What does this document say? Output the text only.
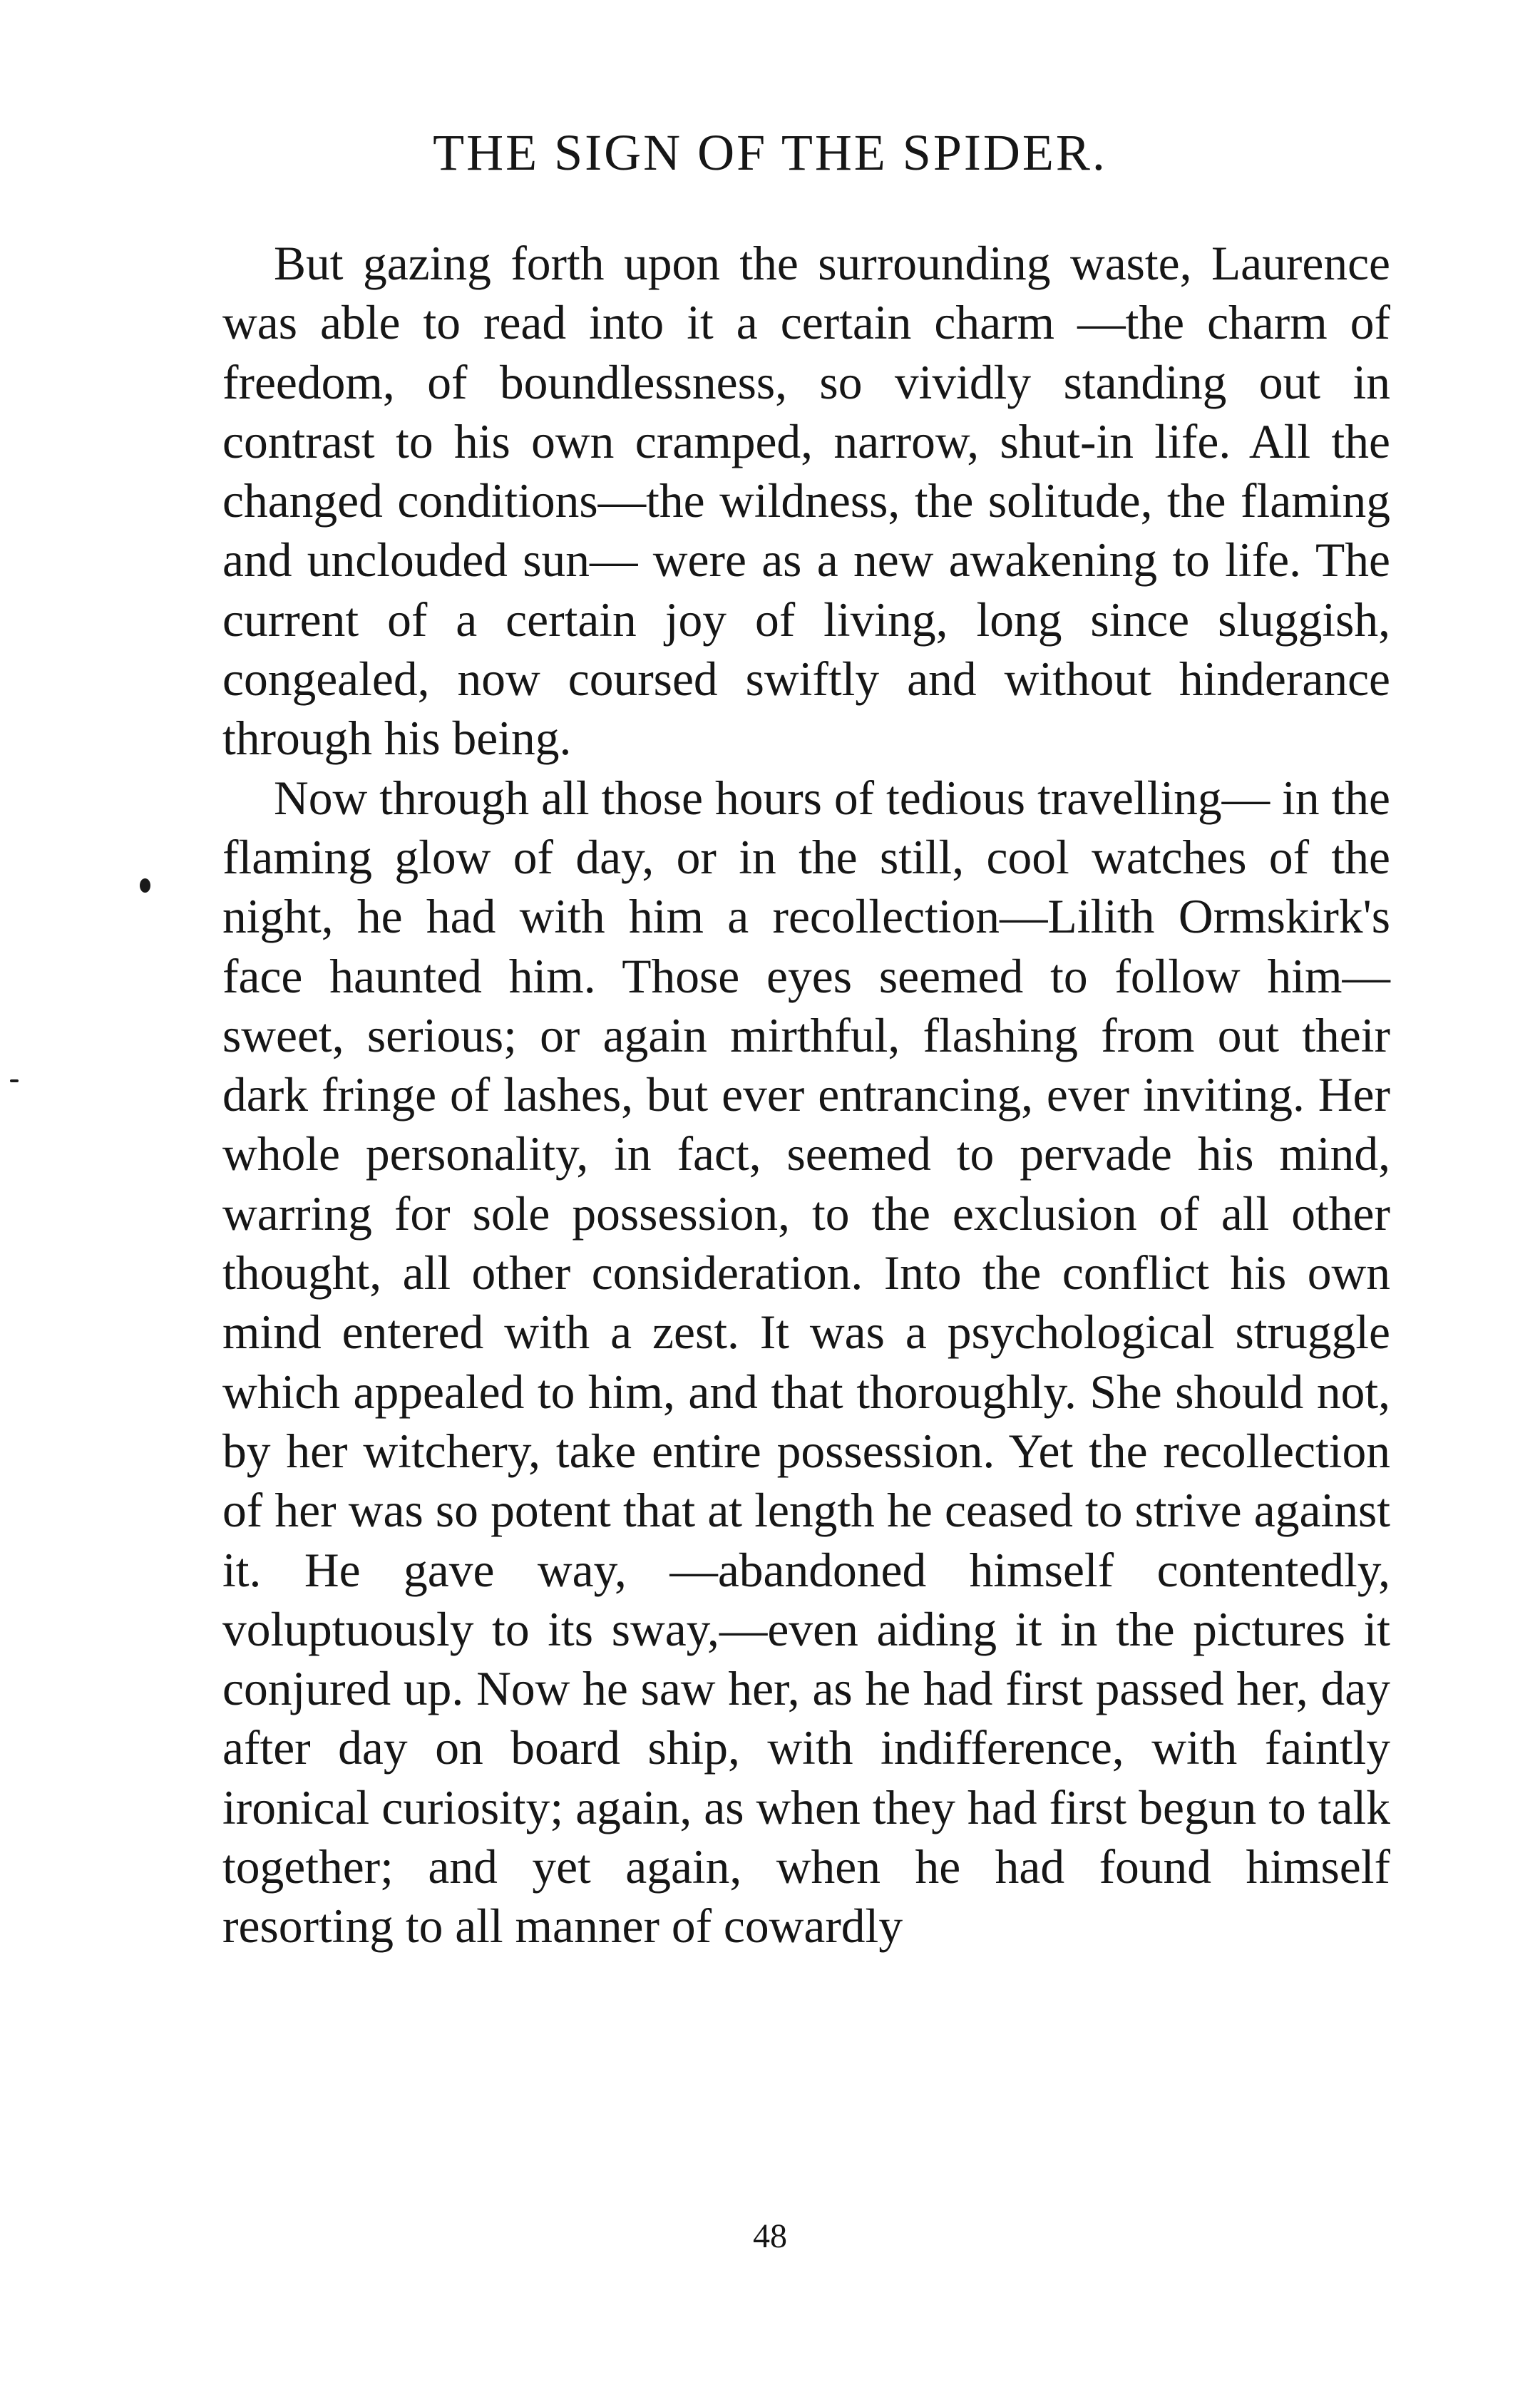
THE SIGN OF THE SPIDER.

But gazing forth upon the surrounding waste, Laurence was able to read into it a certain charm —the charm of freedom, of boundlessness, so vividly standing out in contrast to his own cramped, narrow, shut-in life. All the changed conditions—the wildness, the solitude, the flaming and unclouded sun— were as a new awakening to life. The current of a certain joy of living, long since sluggish, congealed, now coursed swiftly and without hinderance through his being.

Now through all those hours of tedious travelling— in the flaming glow of day, or in the still, cool watches of the night, he had with him a recollection—Lilith Ormskirk's face haunted him. Those eyes seemed to follow him—sweet, serious; or again mirthful, flashing from out their dark fringe of lashes, but ever entrancing, ever inviting. Her whole personality, in fact, seemed to pervade his mind, warring for sole possession, to the exclusion of all other thought, all other consideration. Into the conflict his own mind entered with a zest. It was a psychological struggle which appealed to him, and that thoroughly. She should not, by her witchery, take entire possession. Yet the recollection of her was so potent that at length he ceased to strive against it. He gave way, —abandoned himself contentedly, voluptuously to its sway,—even aiding it in the pictures it conjured up. Now he saw her, as he had first passed her, day after day on board ship, with indifference, with faintly ironical curiosity; again, as when they had first begun to talk together; and yet again, when he had found himself resorting to all manner of cowardly

48
